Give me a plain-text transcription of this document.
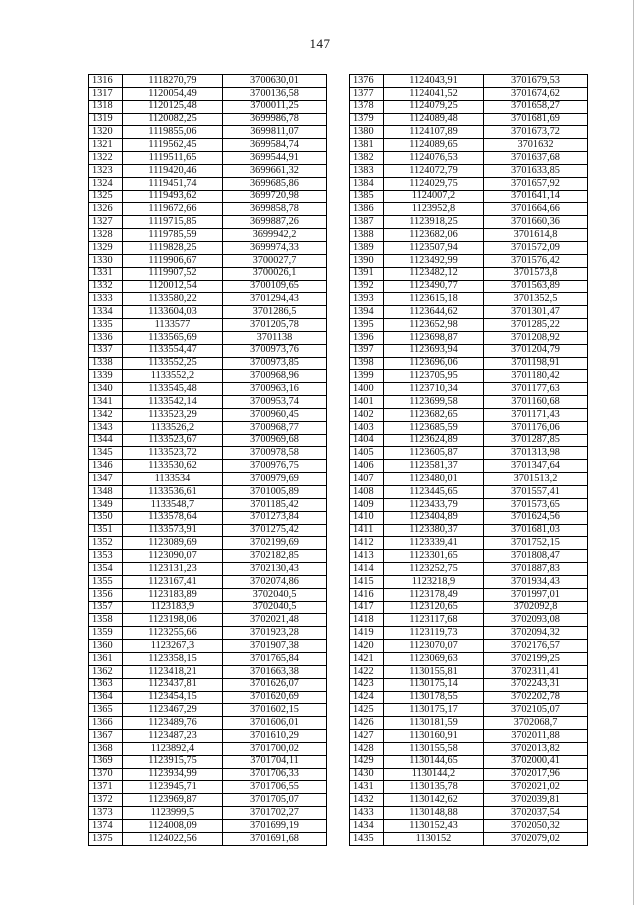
147
1316	1118270,79	3700630,01
1317	1120054,49	3700136,58
1318	1120125,48	3700011,25
1319	1120082,25	3699986,78
1320	1119855,06	3699811,07
1321	1119562,45	3699584,74
1322	1119511,65	3699544,91
1323	1119420,46	3699661,32
1324	1119451,74	3699685,86
1325	1119493,62	3699720,98
1326	1119672,66	3699858,78
1327	1119715,85	3699887,26
1328	1119785,59	3699942,2
1329	1119828,25	3699974,33
1330	1119906,67	3700027,7
1331	1119907,52	3700026,1
1332	1120012,54	3700109,65
1333	1133580,22	3701294,43
1334	1133604,03	3701286,5
1335	1133577	3701205,78
1336	1133565,69	3701138
1337	1133554,47	3700973,76
1338	1133552,25	3700973,85
1339	1133552,2	3700968,96
1340	1133545,48	3700963,16
1341	1133542,14	3700953,74
1342	1133523,29	3700960,45
1343	1133526,2	3700968,77
1344	1133523,67	3700969,68
1345	1133523,72	3700978,58
1346	1133530,62	3700976,75
1347	1133534	3700979,69
1348	1133536,61	3701005,89
1349	1133548,7	3701185,42
1350	1133578,64	3701273,84
1351	1133573,91	3701275,42
1352	1123089,69	3702199,69
1353	1123090,07	3702182,85
1354	1123131,23	3702130,43
1355	1123167,41	3702074,86
1356	1123183,89	3702040,5
1357	1123183,9	3702040,5
1358	1123198,06	3702021,48
1359	1123255,66	3701923,28
1360	1123267,3	3701907,38
1361	1123358,15	3701765,84
1362	1123418,21	3701663,38
1363	1123437,81	3701626,07
1364	1123454,15	3701620,69
1365	1123467,29	3701602,15
1366	1123489,76	3701606,01
1367	1123487,23	3701610,29
1368	1123892,4	3701700,02
1369	1123915,75	3701704,11
1370	1123934,99	3701706,33
1371	1123945,71	3701706,55
1372	1123969,87	3701705,07
1373	1123999,5	3701702,27
1374	1124008,09	3701699,19
1375	1124022,56	3701691,68
1376	1124043,91	3701679,53
1377	1124041,52	3701674,62
1378	1124079,25	3701658,27
1379	1124089,48	3701681,69
1380	1124107,89	3701673,72
1381	1124089,65	3701632
1382	1124076,53	3701637,68
1383	1124072,79	3701633,85
1384	1124029,75	3701657,92
1385	1124007,2	3701641,14
1386	1123952,8	3701664,66
1387	1123918,25	3701660,36
1388	1123682,06	3701614,8
1389	1123507,94	3701572,09
1390	1123492,99	3701576,42
1391	1123482,12	3701573,8
1392	1123490,77	3701563,89
1393	1123615,18	3701352,5
1394	1123644,62	3701301,47
1395	1123652,98	3701285,22
1396	1123698,87	3701208,92
1397	1123693,94	3701204,79
1398	1123696,06	3701198,91
1399	1123705,95	3701180,42
1400	1123710,34	3701177,63
1401	1123699,58	3701160,68
1402	1123682,65	3701171,43
1403	1123685,59	3701176,06
1404	1123624,89	3701287,85
1405	1123605,87	3701313,98
1406	1123581,37	3701347,64
1407	1123480,01	3701513,2
1408	1123445,65	3701557,41
1409	1123433,79	3701573,65
1410	1123404,89	3701624,56
1411	1123380,37	3701681,03
1412	1123339,41	3701752,15
1413	1123301,65	3701808,47
1414	1123252,75	3701887,83
1415	1123218,9	3701934,43
1416	1123178,49	3701997,01
1417	1123120,65	3702092,8
1418	1123117,68	3702093,08
1419	1123119,73	3702094,32
1420	1123070,07	3702176,57
1421	1123069,63	3702199,25
1422	1130155,81	3702311,41
1423	1130175,14	3702243,31
1424	1130178,55	3702202,78
1425	1130175,17	3702105,07
1426	1130181,59	3702068,7
1427	1130160,91	3702011,88
1428	1130155,58	3702013,82
1429	1130144,65	3702000,41
1430	1130144,2	3702017,96
1431	1130135,78	3702021,02
1432	1130142,62	3702039,81
1433	1130148,88	3702037,54
1434	1130152,43	3702050,32
1435	1130152	3702079,02
